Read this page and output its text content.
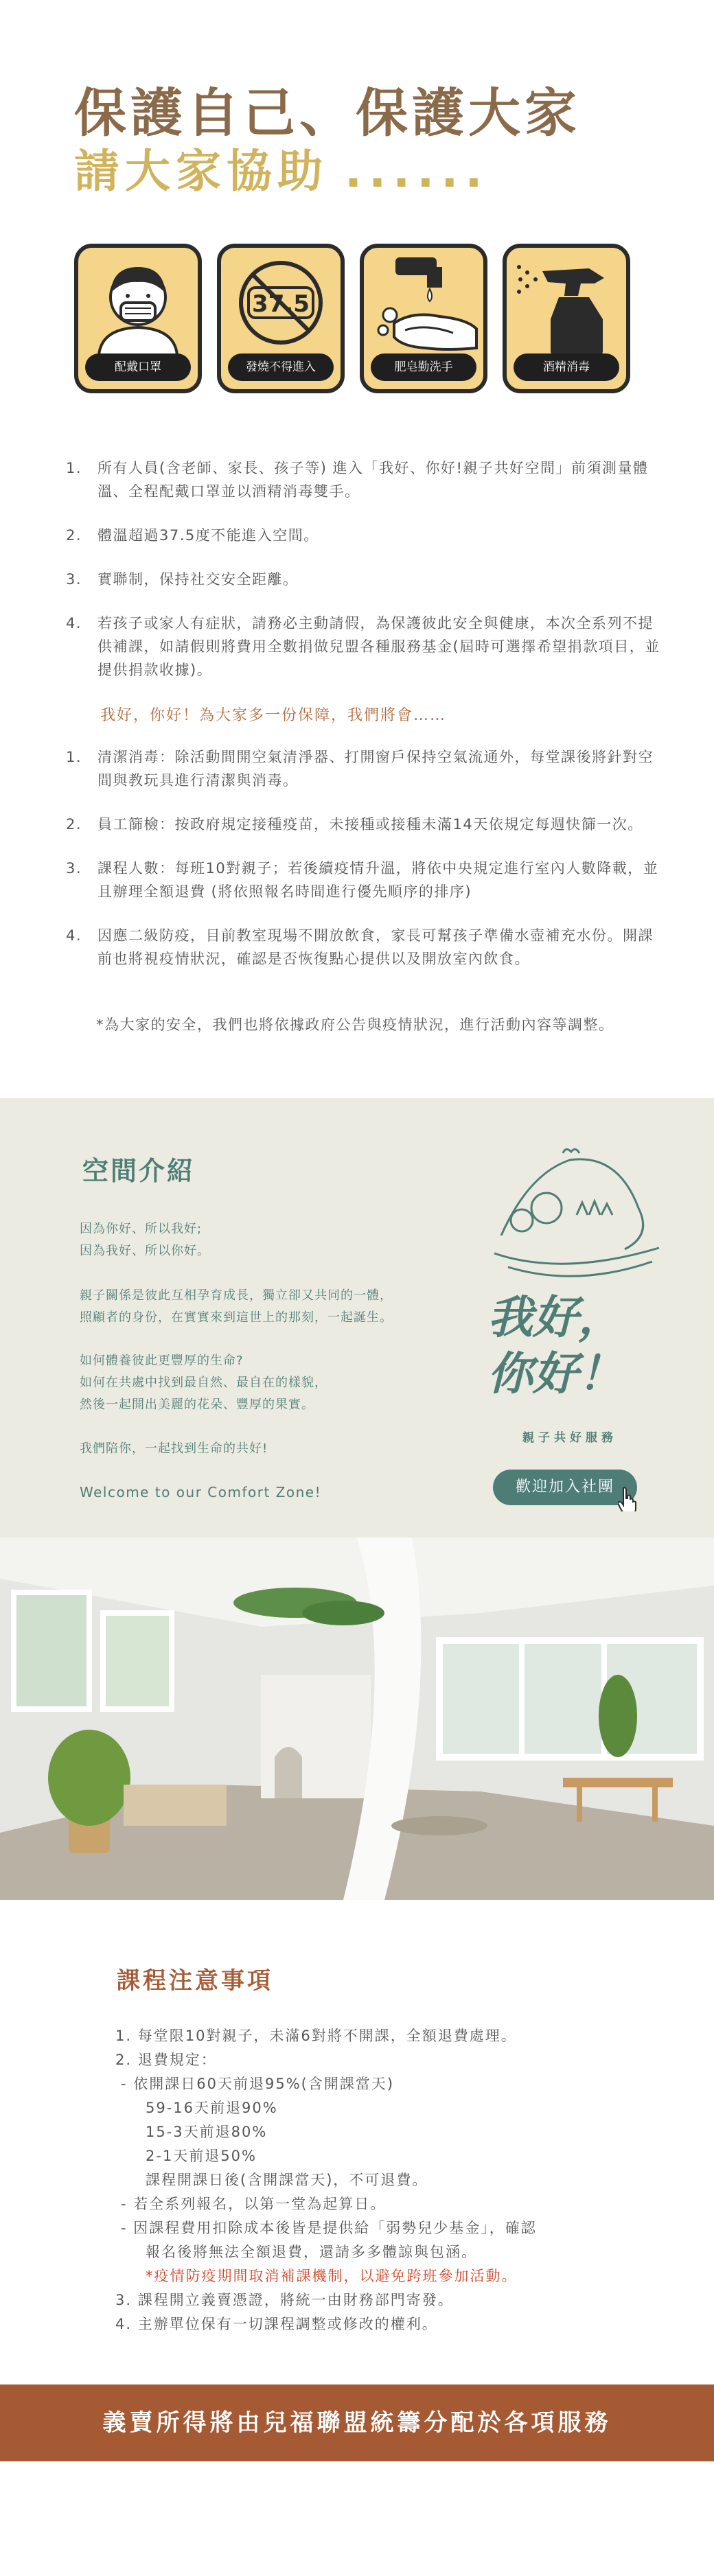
保護自己、保護大家
請大家協助 ......
配戴口罩
37.5
發燒不得進入	肥皂勤洗手	酒精消毒
1.	所有人員(含老師、家長、孩子等) 進入「我好、你好!親子共好空間」前須測量體溫、全程配戴口罩並以酒精消毒雙手。
2.	體溫超過37.5度不能進入空間。
3.	實聯制，保持社交安全距離。
4.	若孩子或家人有症狀，請務必主動請假，為保護彼此安全與健康，本次全系列不提供補課，如請假則將費用全數捐做兒盟各種服務基金(屆時可選擇希望捐款項目，並提供捐款收據)。
我好，你好！為大家多一份保障，我們將會……
1.	清潔消毒：除活動間開空氣清淨器、打開窗戶保持空氣流通外，每堂課後將針對空間與教玩具進行清潔與消毒。
2.	員工篩檢：按政府規定接種疫苗，未接種或接種未滿14天依規定每週快篩一次。
3.	課程人數：每班10對親子；若後續疫情升溫，將依中央規定進行室內人數降載，並且辦理全額退費 (將依照報名時間進行優先順序的排序)
4.	因應二級防疫，目前教室現場不開放飲食，家長可幫孩子準備水壺補充水份。開課前也將視疫情狀況，確認是否恢復點心提供以及開放室內飲食。
*為大家的安全，我們也將依據政府公告與疫情狀況，進行活動內容等調整。
空間介紹
因為你好、所以我好;
因為我好、所以你好。
親子關係是彼此互相孕育成長，獨立卻又共同的一體，
照顧者的身份，在實實來到這世上的那刻，一起誕生。
如何體養彼此更豐厚的生命?
如何在共處中找到最自然、最自在的樣貌，
然後一起開出美麗的花朵、豐厚的果實。
我們陪你，一起找到生命的共好!
Welcome to our Comfort Zone!
我好，
你好！
親子共好服務
歡迎加入社團
課程注意事項
1. 每堂限10對親子，未滿6對將不開課，全額退費處理。
2. 退費規定：
- 依開課日60天前退95%(含開課當天)
59-16天前退90%
15-3天前退80%
2-1天前退50%
課程開課日後(含開課當天)，不可退費。
- 若全系列報名，以第一堂為起算日。
- 因課程費用扣除成本後皆是提供給「弱勢兒少基金」，確認
報名後將無法全額退費，還請多多體諒與包涵。
*疫情防疫期間取消補課機制，以避免跨班參加活動。
3. 課程開立義賣憑證，將統一由財務部門寄發。
4. 主辦單位保有一切課程調整或修改的權利。
義賣所得將由兒福聯盟統籌分配於各項服務
